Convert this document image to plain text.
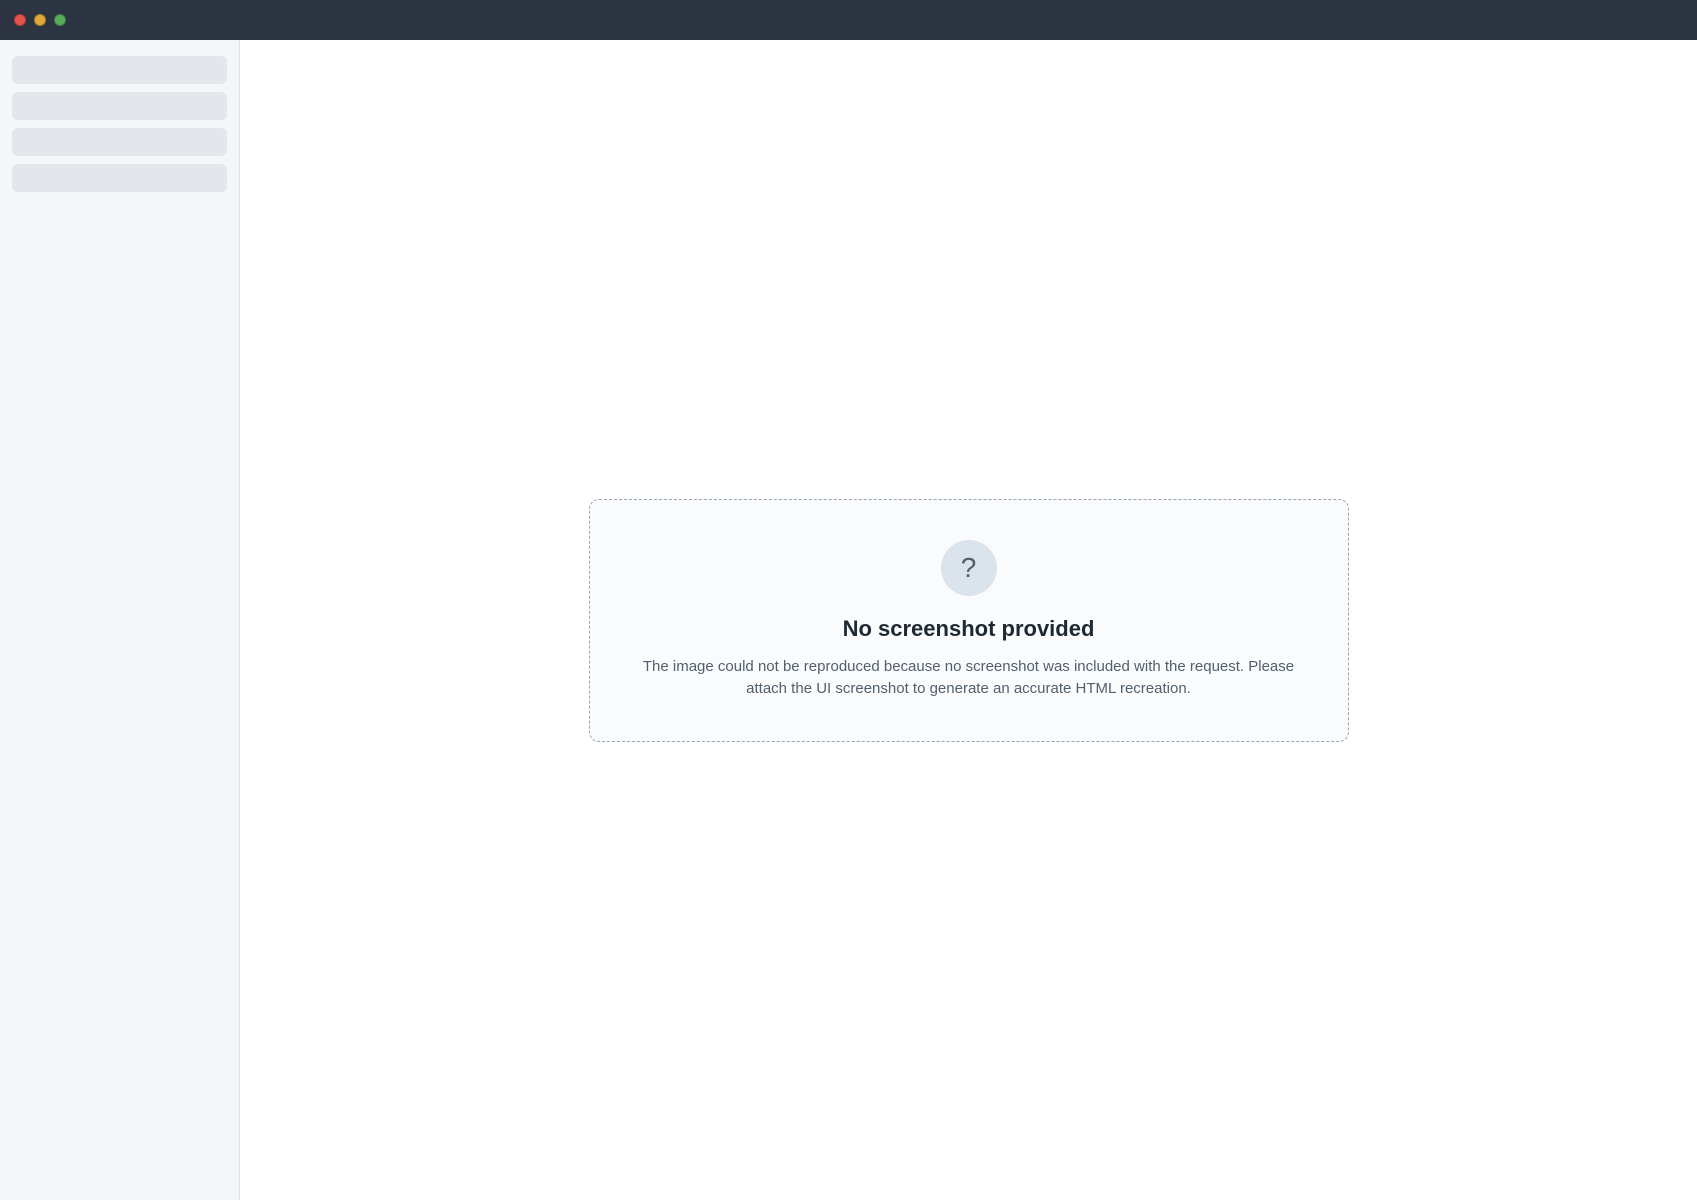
?
No screenshot provided

The image could not be reproduced because no screenshot was included with the request. Please attach the UI screenshot to generate an accurate HTML recreation.
